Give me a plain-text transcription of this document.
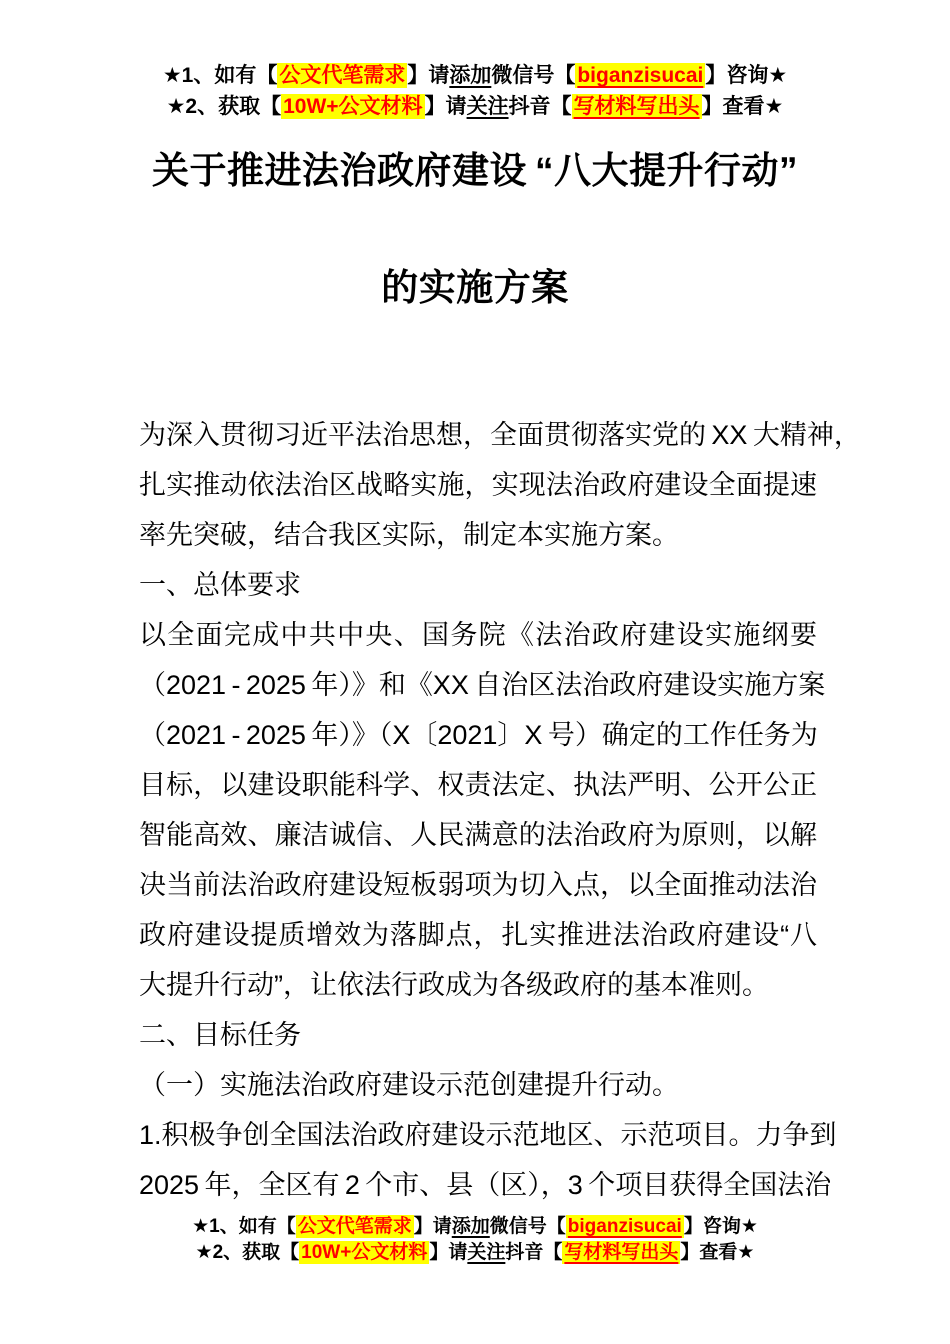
★1、如有【公文代笔需求】请添加微信号【biganzisucai】咨询★
★2、获取【10W+公文材料】请关注抖音【写材料写出头】查看★
关于推进法治政府建设 “八大提升行动”
的实施方案
为深入贯彻习近平法治思想，全面贯彻落实党的 XX 大精神，
扎实推动依法治区战略实施，实现法治政府建设全面提速
率先突破，结合我区实际，制定本实施方案。
一、总体要求
以全面完成中共中央、国务院《法治政府建设实施纲要
（2021 - 2025 年）》和《XX 自治区法治政府建设实施方案
（2021 - 2025 年）》（X〔2021〕X 号）确定的工作任务为
目标，以建设职能科学、权责法定、执法严明、公开公正
智能高效、廉洁诚信、人民满意的法治政府为原则，以解
决当前法治政府建设短板弱项为切入点，以全面推动法治
政府建设提质增效为落脚点，扎实推进法治政府建设“八
大提升行动”，让依法行政成为各级政府的基本准则。
二、目标任务
（一）实施法治政府建设示范创建提升行动。
1.积极争创全国法治政府建设示范地区、示范项目。力争到
2025 年，全区有 2 个市、县（区），3 个项目获得全国法治
★1、如有【 公文代笔需求 】请添加微信号【 biganzisucai 】咨询★
★2、获取【 10W+公文材料 】请关注抖音【 写材料写出头 】查看★
